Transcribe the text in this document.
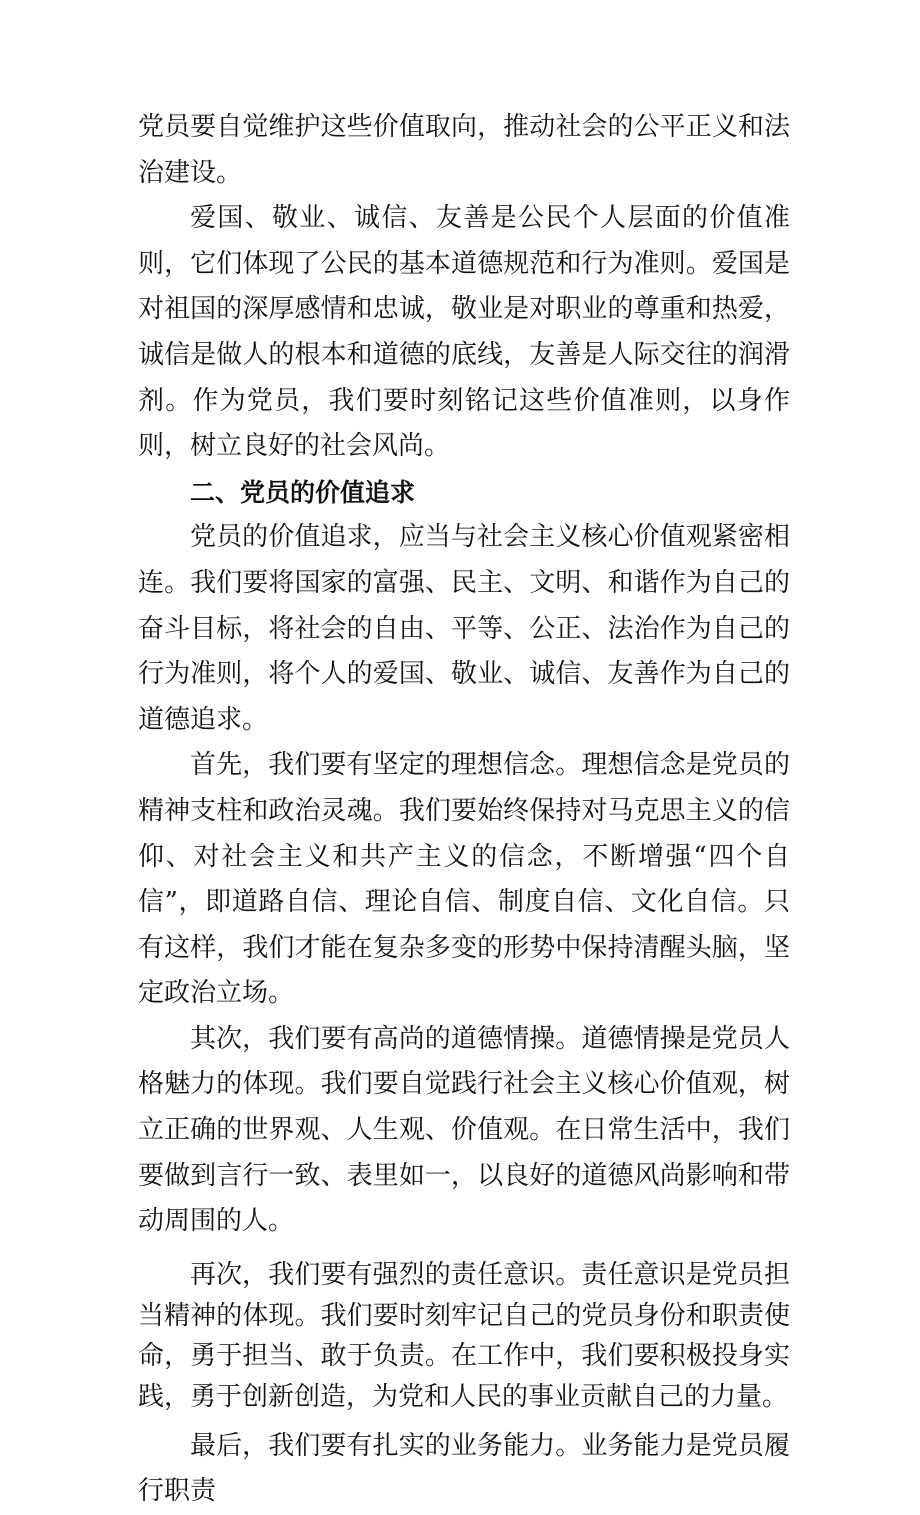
党员要自觉维护这些价值取向，推动社会的公平正义和法治建设。

爱国、敬业、诚信、友善是公民个人层面的价值准则，它们体现了公民的基本道德规范和行为准则。爱国是对祖国的深厚感情和忠诚，敬业是对职业的尊重和热爱，诚信是做人的根本和道德的底线，友善是人际交往的润滑剂。作为党员，我们要时刻铭记这些价值准则，以身作则，树立良好的社会风尚。

二、党员的价值追求

党员的价值追求，应当与社会主义核心价值观紧密相连。我们要将国家的富强、民主、文明、和谐作为自己的奋斗目标，将社会的自由、平等、公正、法治作为自己的行为准则，将个人的爱国、敬业、诚信、友善作为自己的道德追求。

首先，我们要有坚定的理想信念。理想信念是党员的精神支柱和政治灵魂。我们要始终保持对马克思主义的信仰、对社会主义和共产主义的信念，不断增强“四个自信”，即道路自信、理论自信、制度自信、文化自信。只有这样，我们才能在复杂多变的形势中保持清醒头脑，坚定政治立场。

其次，我们要有高尚的道德情操。道德情操是党员人格魅力的体现。我们要自觉践行社会主义核心价值观，树立正确的世界观、人生观、价值观。在日常生活中，我们要做到言行一致、表里如一，以良好的道德风尚影响和带动周围的人。

再次，我们要有强烈的责任意识。责任意识是党员担当精神的体现。我们要时刻牢记自己的党员身份和职责使命，勇于担当、敢于负责。在工作中，我们要积极投身实践，勇于创新创造，为党和人民的事业贡献自己的力量。

最后，我们要有扎实的业务能力。业务能力是党员履行职责
